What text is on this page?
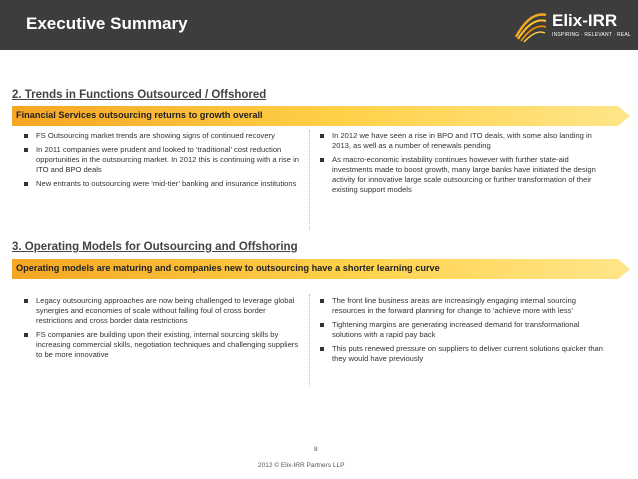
Executive Summary	Elix-IRR
INSPIRING · RELEVANT · REAL
2. Trends in Functions Outsourced / Offshored
Financial Services outsourcing returns to growth overall
FS Outsourcing market trends are showing signs of continued recovery
In 2011 companies were prudent and looked to ‘traditional’ cost reduction opportunities in the outsourcing market. In 2012 this is continuing with a rise in ITO and BPO deals
New entrants to outsourcing were ‘mid-tier’ banking and insurance institutions
In 2012 we have seen a rise in BPO and ITO deals, with some also landing in 2013, as well as a number of renewals pending
As macro-economic instability continues however with further state-aid investments made to boost growth, many large banks have initiated the design activity for innovative large scale outsourcing or further transformation of their existing support models
3. Operating Models for Outsourcing and Offshoring
Operating models are maturing and companies new to outsourcing have a shorter learning curve
Legacy outsourcing approaches are now being challenged to leverage global synergies and economies of scale without falling foul of cross border restrictions and cross border data restrictions
FS companies are building upon their existing, internal sourcing skills by increasing commercial skills, negotiation techniques and challenging suppliers to be more innovative
The front line business areas are increasingly engaging internal sourcing resources in the forward planning for change to ‘achieve more with less’
Tightening margins are generating increased demand for transformational solutions with a rapid pay back
This puts renewed pressure on suppliers to deliver current solutions quicker than they would have previously
8
2012 © Elix-IRR Partners LLP
